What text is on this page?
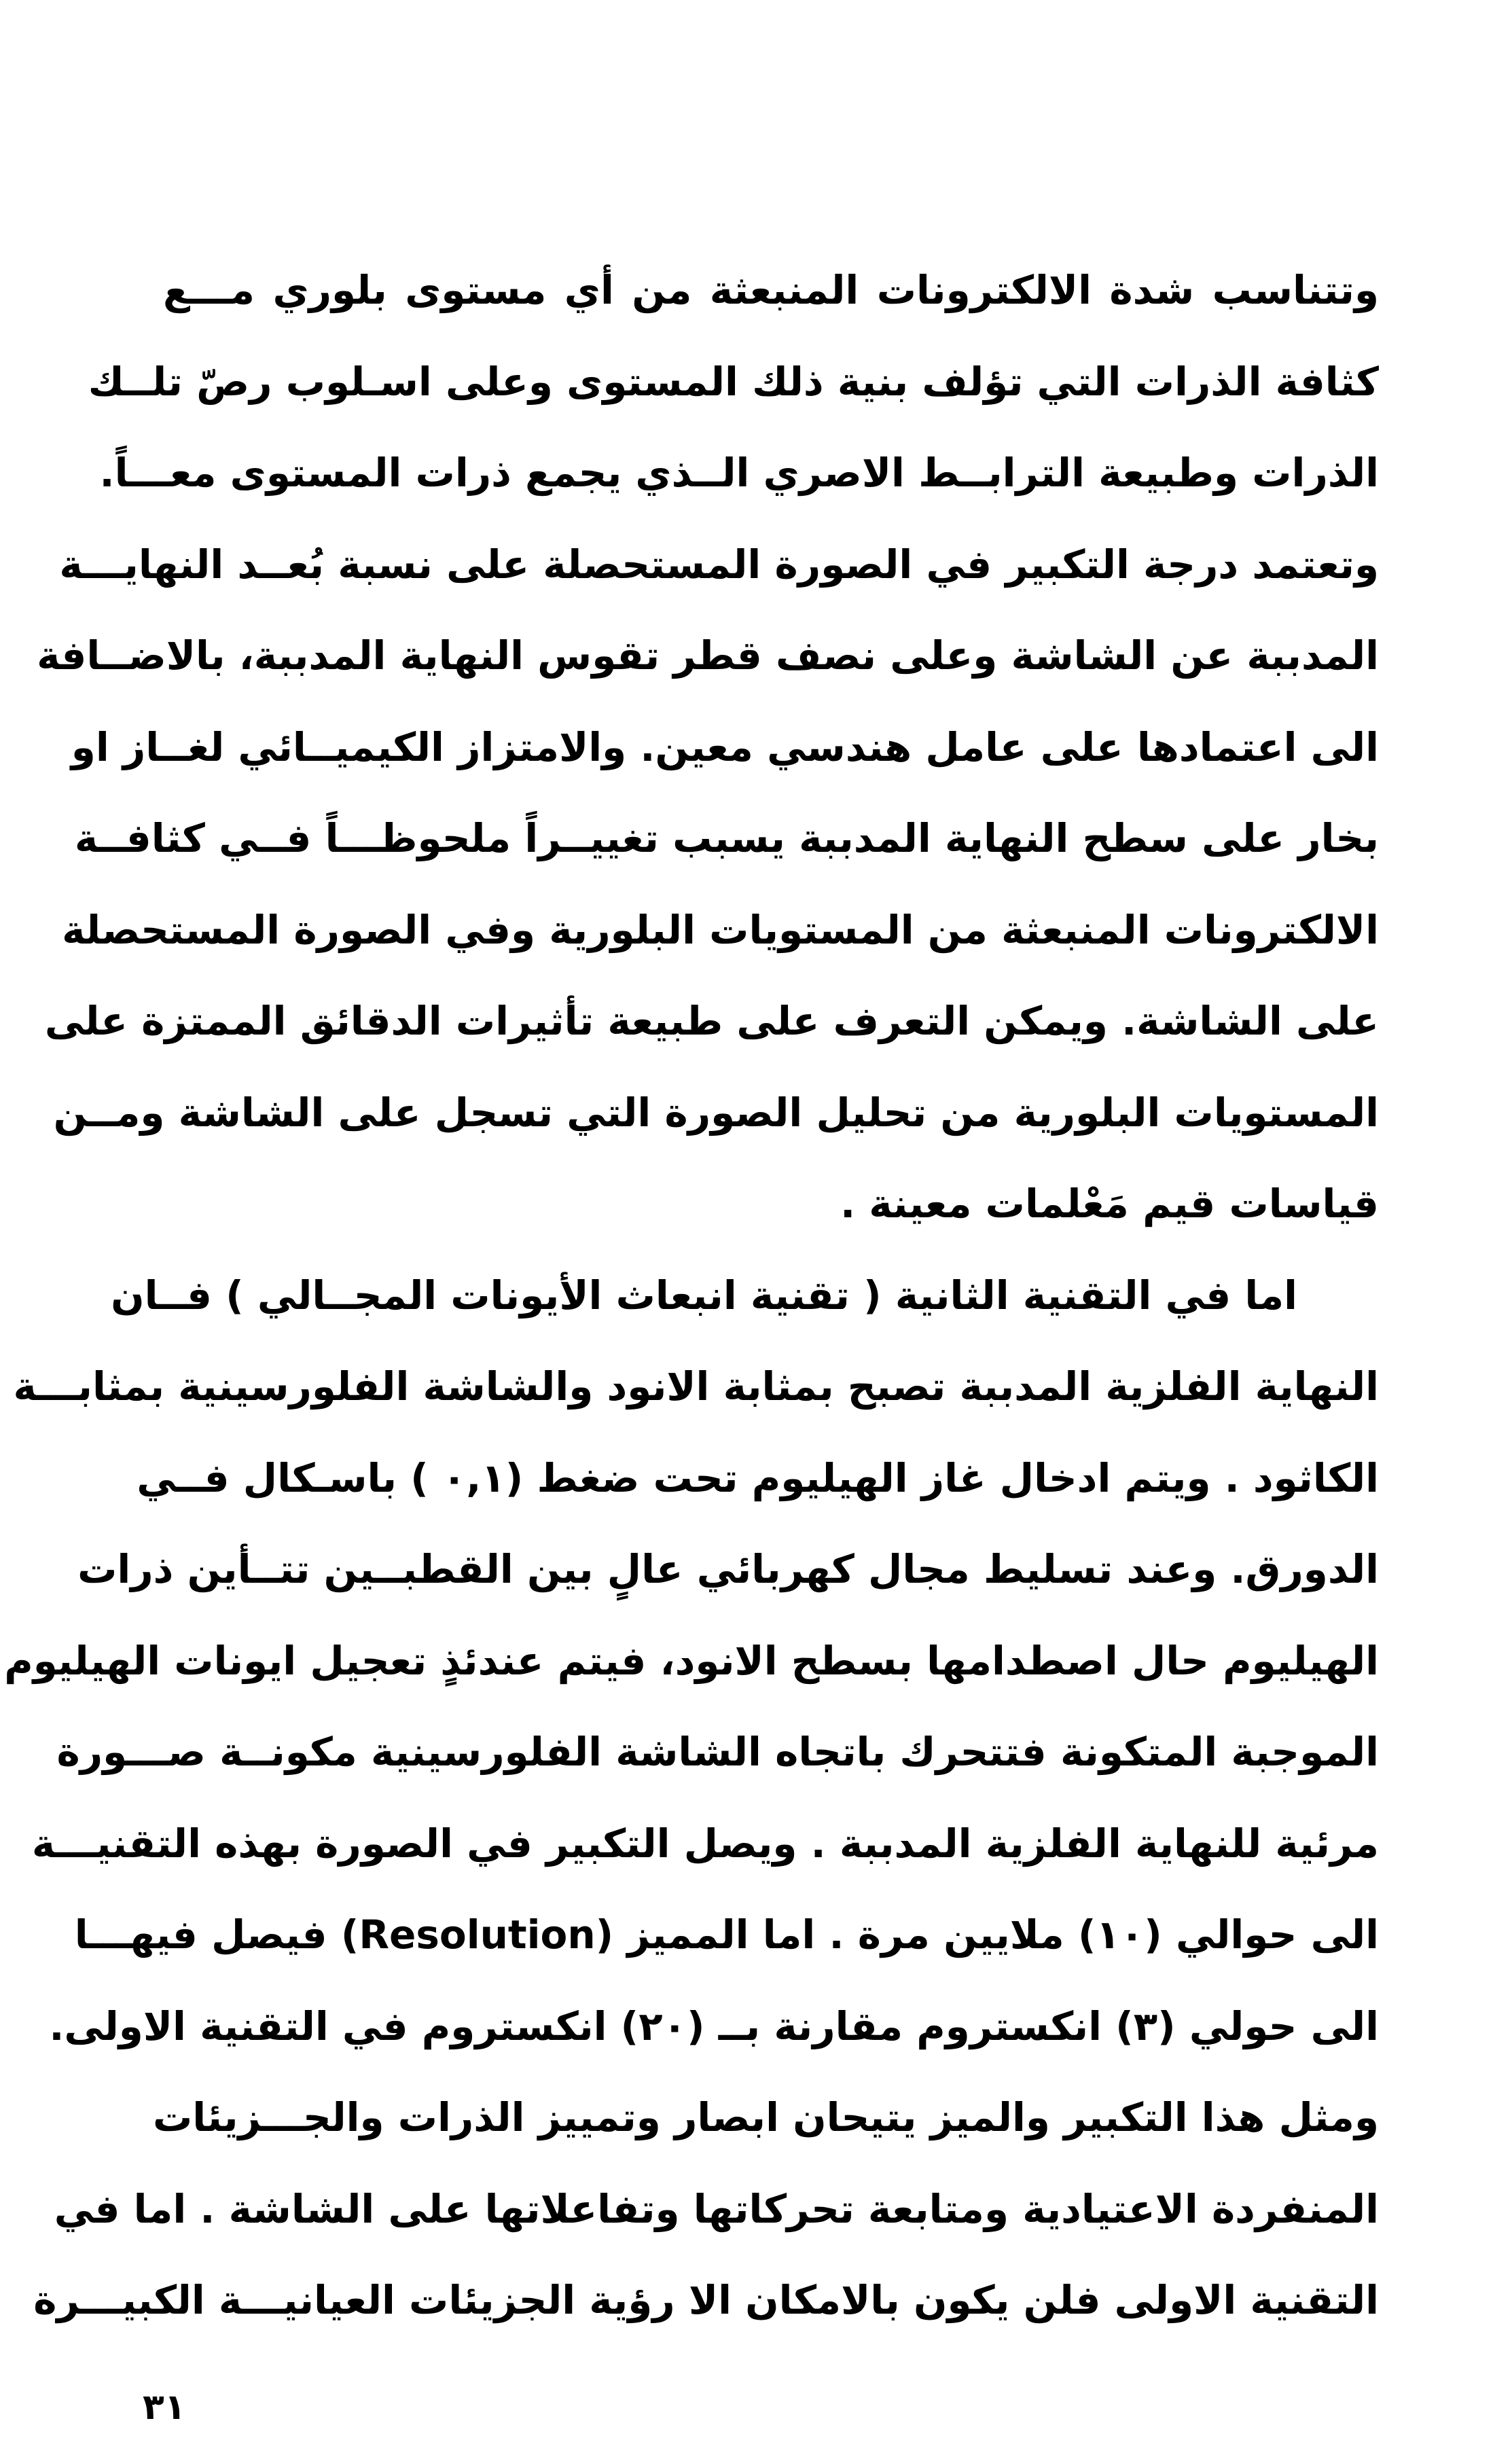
وتتناسب شدة الالكترونات المنبعثة من أي مستوى بلوري مـــع
كثافة الذرات التي تؤلف بنية ذلك المستوى وعلى اسـلوب رصّ تلــك
الذرات وطبيعة الترابــط الاصري الــذي يجمع ذرات المستوى معـــاً.
وتعتمد درجة التكبير في الصورة المستحصلة على نسبة بُعــد النهايـــة
المدببة عن الشاشة وعلى نصف قطر تقوس النهاية المدببة، بالاضــافة
الى اعتمادها على عامل هندسي معين. والامتزاز الكيميــائي لغــاز او
بخار على سطح النهاية المدببة يسبب تغييــراً ملحوظـــاً فــي كثافــة
الالكترونات المنبعثة من المستويات البلورية وفي الصورة المستحصلة
على الشاشة. ويمكن التعرف على طبيعة تأثيرات الدقائق الممتزة على
المستويات البلورية من تحليل الصورة التي تسجل على الشاشة ومــن
قياسات قيم مَعْلمات معينة .
اما في التقنية الثانية ( تقنية انبعاث الأيونات المجــالي ) فــان
النهاية الفلزية المدببة تصبح بمثابة الانود والشاشة الفلورسينية بمثابـــة
الكاثود . ويتم ادخال غاز الهيليوم تحت ضغط (٠,١ ) باسـكال فــي
الدورق. وعند تسليط مجال كهربائي عالٍ بين القطبــين تتــأين ذرات
الهيليوم حال اصطدامها بسطح الانود، فيتم عندئذٍ تعجيل ايونات الهيليوم
الموجبة المتكونة فتتحرك باتجاه الشاشة الفلورسينية مكونــة صـــورة
مرئية للنهاية الفلزية المدببة . ويصل التكبير في الصورة بهذه التقنيـــة
الى حوالي (١٠) ملايين مرة . اما المميز (Resolution) فيصل فيهـــا
الى حولي (٣) انكستروم مقارنة بــ (٢٠) انكستروم في التقنية الاولى.
ومثل هذا التكبير والميز يتيحان ابصار وتمييز الذرات والجـــزيئات
المنفردة الاعتيادية ومتابعة تحركاتها وتفاعلاتها على الشاشة . اما في
التقنية الاولى فلن يكون بالامكان الا رؤية الجزيئات العيانيـــة الكبيـــرة
٣١
